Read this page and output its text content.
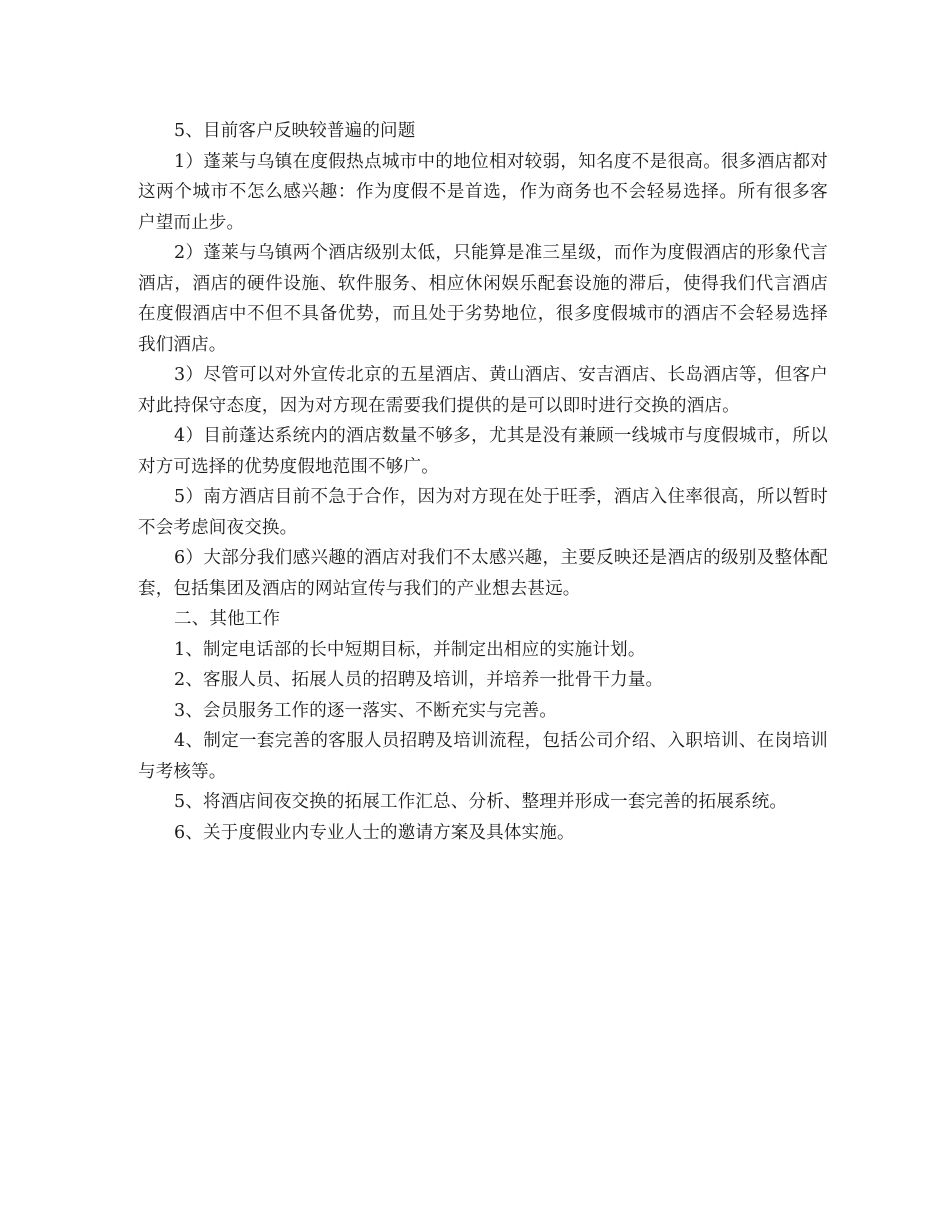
5、目前客户反映较普遍的问题

1）蓬莱与乌镇在度假热点城市中的地位相对较弱，知名度不是很高。很多酒店都对这两个城市不怎么感兴趣：作为度假不是首选，作为商务也不会轻易选择。所有很多客户望而止步。

2）蓬莱与乌镇两个酒店级别太低，只能算是准三星级，而作为度假酒店的形象代言酒店，酒店的硬件设施、软件服务、相应休闲娱乐配套设施的滞后，使得我们代言酒店在度假酒店中不但不具备优势，而且处于劣势地位，很多度假城市的酒店不会轻易选择我们酒店。

3）尽管可以对外宣传北京的五星酒店、黄山酒店、安吉酒店、长岛酒店等，但客户对此持保守态度，因为对方现在需要我们提供的是可以即时进行交换的酒店。

4）目前蓬达系统内的酒店数量不够多，尤其是没有兼顾一线城市与度假城市，所以对方可选择的优势度假地范围不够广。

5）南方酒店目前不急于合作，因为对方现在处于旺季，酒店入住率很高，所以暂时不会考虑间夜交换。

6）大部分我们感兴趣的酒店对我们不太感兴趣，主要反映还是酒店的级别及整体配套，包括集团及酒店的网站宣传与我们的产业想去甚远。

二、其他工作

1、制定电话部的长中短期目标，并制定出相应的实施计划。

2、客服人员、拓展人员的招聘及培训，并培养一批骨干力量。

3、会员服务工作的逐一落实、不断充实与完善。

4、制定一套完善的客服人员招聘及培训流程，包括公司介绍、入职培训、在岗培训与考核等。

5、将酒店间夜交换的拓展工作汇总、分析、整理并形成一套完善的拓展系统。

6、关于度假业内专业人士的邀请方案及具体实施。
